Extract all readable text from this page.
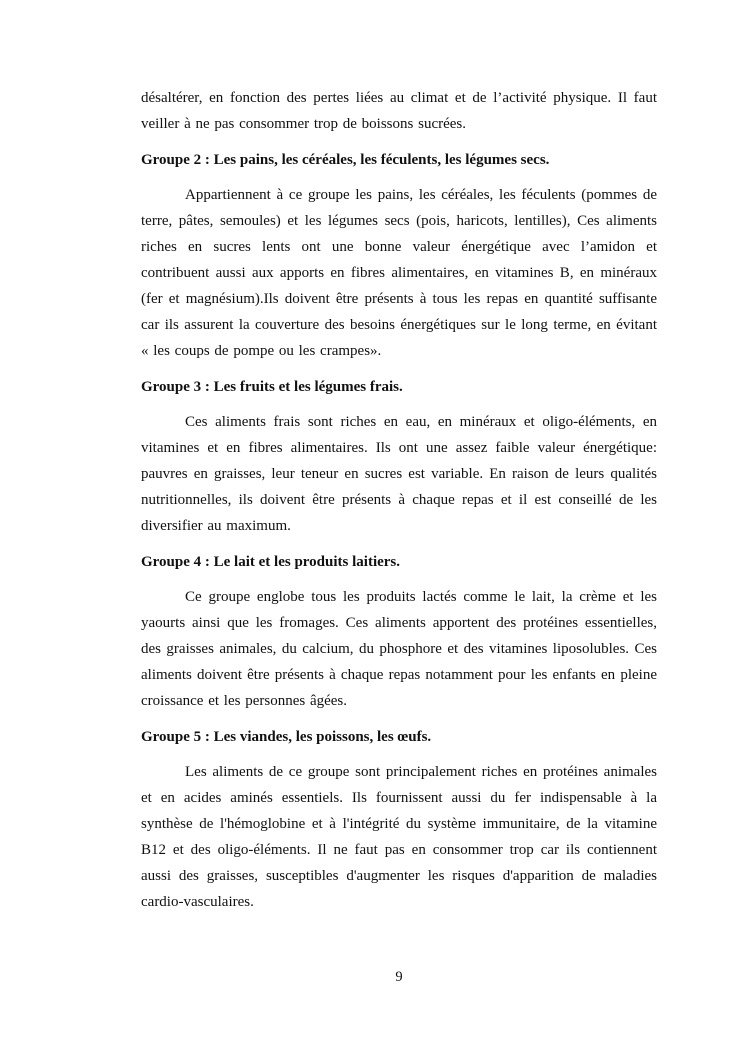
désaltérer, en fonction des pertes liées au climat et de l’activité physique. Il faut veiller à ne pas consommer trop de boissons sucrées.

Groupe 2 : Les pains, les céréales, les féculents, les légumes secs.

Appartiennent à ce groupe les pains, les céréales, les féculents (pommes de terre, pâtes, semoules) et les légumes secs (pois, haricots, lentilles), Ces aliments riches en sucres lents ont une bonne valeur énergétique avec l’amidon et contribuent aussi aux apports en fibres alimentaires, en vitamines B, en minéraux (fer et magnésium).Ils doivent être présents à tous les repas en quantité suffisante car ils assurent la couverture des besoins énergétiques sur le long terme, en évitant « les coups de pompe ou les crampes».

Groupe 3 : Les fruits et les légumes frais.

Ces aliments frais sont riches en eau, en minéraux et oligo-éléments, en vitamines et en fibres alimentaires. Ils ont une assez faible valeur énergétique: pauvres en graisses, leur teneur en sucres est variable. En raison de leurs qualités nutritionnelles, ils doivent être présents à chaque repas et il est conseillé de les diversifier au maximum.

Groupe 4 : Le lait et les produits laitiers.

Ce groupe englobe tous les produits lactés comme le lait, la crème et les yaourts ainsi que les fromages. Ces aliments apportent des protéines essentielles, des graisses animales, du calcium, du phosphore et des vitamines liposolubles. Ces aliments doivent être présents à chaque repas notamment pour les enfants en pleine croissance et les personnes âgées.

Groupe 5 : Les viandes, les poissons, les œufs.

Les aliments de ce groupe sont principalement riches en protéines animales et en acides aminés essentiels. Ils fournissent aussi du fer indispensable à la synthèse de l'hémoglobine et à l'intégrité du système immunitaire, de la vitamine B12 et des oligo-éléments. Il ne faut pas en consommer trop car ils contiennent aussi des graisses, susceptibles d'augmenter les risques d'apparition de maladies cardio-vasculaires.

9
